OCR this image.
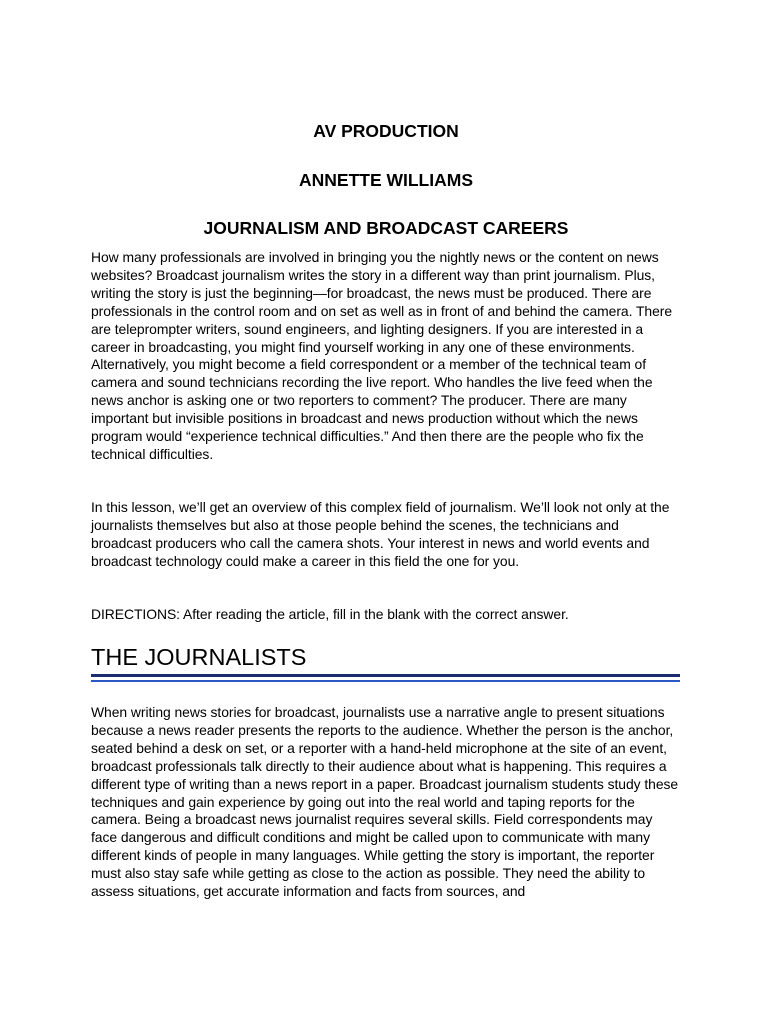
AV PRODUCTION
ANNETTE WILLIAMS
JOURNALISM AND BROADCAST CAREERS

How many professionals are involved in bringing you the nightly news or the content on news websites? Broadcast journalism writes the story in a different way than print journalism. Plus, writing the story is just the beginning—for broadcast, the news must be produced. There are professionals in the control room and on set as well as in front of and behind the camera. There are teleprompter writers, sound engineers, and lighting designers. If you are interested in a career in broadcasting, you might find yourself working in any one of these environments. Alternatively, you might become a field correspondent or a member of the technical team of camera and sound technicians recording the live report. Who handles the live feed when the news anchor is asking one or two reporters to comment? The producer. There are many important but invisible positions in broadcast and news production without which the news program would “experience technical difficulties.” And then there are the people who fix the technical difficulties.

In this lesson, we’ll get an overview of this complex field of journalism. We’ll look not only at the journalists themselves but also at those people behind the scenes, the technicians and broadcast producers who call the camera shots. Your interest in news and world events and broadcast technology could make a career in this field the one for you.

DIRECTIONS: After reading the article, fill in the blank with the correct answer.

THE JOURNALISTS

When writing news stories for broadcast, journalists use a narrative angle to present situations because a news reader presents the reports to the audience. Whether the person is the anchor, seated behind a desk on set, or a reporter with a hand-held microphone at the site of an event, broadcast professionals talk directly to their audience about what is happening. This requires a different type of writing than a news report in a paper. Broadcast journalism students study these techniques and gain experience by going out into the real world and taping reports for the camera. Being a broadcast news journalist requires several skills. Field correspondents may face dangerous and difficult conditions and might be called upon to communicate with many different kinds of people in many languages. While getting the story is important, the reporter must also stay safe while getting as close to the action as possible. They need the ability to assess situations, get accurate information and facts from sources, and
